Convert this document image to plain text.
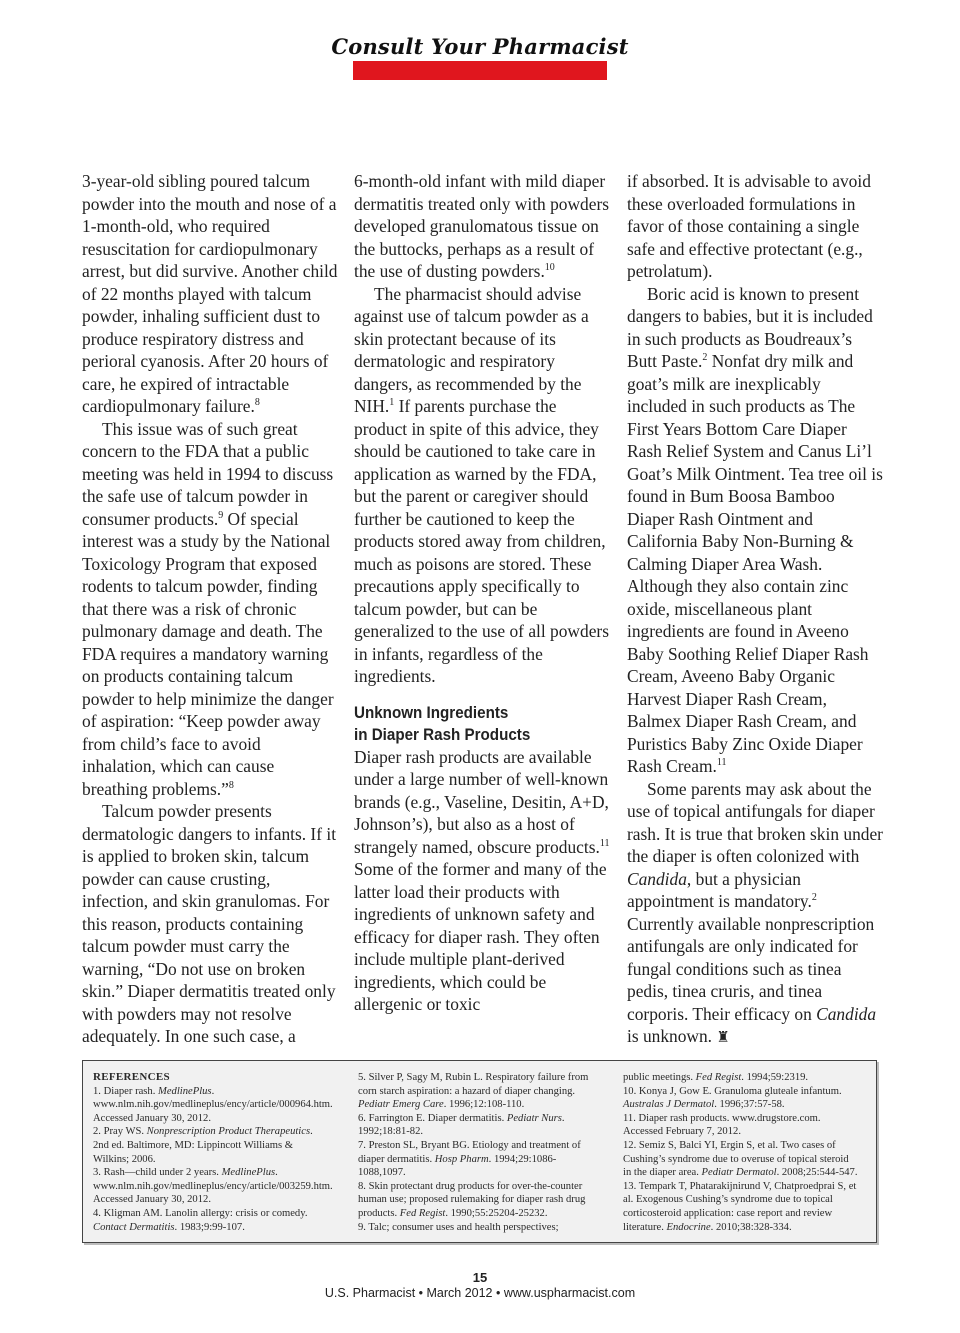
Consult Your Pharmacist

3-year-old sibling poured talcum powder into the mouth and nose of a 1-month-old, who required resuscitation for cardiopulmonary arrest, but did survive. Another child of 22 months played with talcum powder, inhaling sufficient dust to produce respiratory distress and perioral cyanosis. After 20 hours of care, he expired of intractable cardiopulmonary failure.$^8$

This issue was of such great concern to the FDA that a public meeting was held in 1994 to discuss the safe use of talcum powder in consumer products.$^9$ Of special interest was a study by the National Toxicology Program that exposed rodents to talcum powder, finding that there was a risk of chronic pulmonary damage and death. The FDA requires a mandatory warning on products containing talcum powder to help minimize the danger of aspiration: “Keep powder away from child’s face to avoid inhalation, which can cause breathing problems.”$^8$

Talcum powder presents dermatologic dangers to infants. If it is applied to broken skin, talcum powder can cause crusting, infection, and skin granulomas. For this reason, products containing talcum powder must carry the warning, “Do not use on broken skin.” Diaper dermatitis treated only with powders may not resolve adequately. In one such case, a

6-month-old infant with mild diaper dermatitis treated only with powders developed granulomatous tissue on the buttocks, perhaps as a result of the use of dusting powders.$^{10}$

The pharmacist should advise against use of talcum powder as a skin protectant because of its dermatologic and respiratory dangers, as recommended by the NIH.$^1$ If parents purchase the product in spite of this advice, they should be cautioned to take care in application as warned by the FDA, but the parent or caregiver should further be cautioned to keep the products stored away from children, much as poisons are stored. These precautions apply specifically to talcum powder, but can be generalized to the use of all powders in infants, regardless of the ingredients.

Unknown Ingredients
in Diaper Rash Products

Diaper rash products are available under a large number of well-known brands (e.g., Vaseline, Desitin, A+D, Johnson’s), but also as a host of strangely named, obscure products.$^{11}$ Some of the former and many of the latter load their products with ingredients of unknown safety and efficacy for diaper rash. They often include multiple plant-derived ingredients, which could be allergenic or toxic

if absorbed. It is advisable to avoid these overloaded formulations in favor of those containing a single safe and effective protectant (e.g., petrolatum).

Boric acid is known to present dangers to babies, but it is included in such products as Boudreaux’s Butt Paste.$^2$ Nonfat dry milk and goat’s milk are inexplicably included in such products as The First Years Bottom Care Diaper Rash Relief System and Canus Li’l Goat’s Milk Ointment. Tea tree oil is found in Bum Boosa Bamboo Diaper Rash Ointment and California Baby Non-Burning & Calming Diaper Area Wash. Although they also contain zinc oxide, miscellaneous plant ingredients are found in Aveeno Baby Soothing Relief Diaper Rash Cream, Aveeno Baby Organic Harvest Diaper Rash Cream, Balmex Diaper Rash Cream, and Puristics Baby Zinc Oxide Diaper Rash Cream.$^{11}$

Some parents may ask about the use of topical antifungals for diaper rash. It is true that broken skin under the diaper is often colonized with Candida, but a physician appointment is mandatory.$^2$ Currently available nonprescription antifungals are only indicated for fungal conditions such as tinea pedis, tinea cruris, and tinea corporis. Their efficacy on Candida is unknown. ♜

REFERENCES

1. Diaper rash. MedlinePlus. www.nlm.nih.gov/medlineplus/ency/article/000964.htm. Accessed January 30, 2012.

2. Pray WS. Nonprescription Product Therapeutics. 2nd ed. Baltimore, MD: Lippincott Williams & Wilkins; 2006.

3. Rash—child under 2 years. MedlinePlus. www.nlm.nih.gov/medlineplus/ency/article/003259.htm. Accessed January 30, 2012.

4. Kligman AM. Lanolin allergy: crisis or comedy. Contact Dermatitis. 1983;9:99-107.

5. Silver P, Sagy M, Rubin L. Respiratory failure from corn starch aspiration: a hazard of diaper changing. Pediatr Emerg Care. 1996;12:108-110.

6. Farrington E. Diaper dermatitis. Pediatr Nurs. 1992;18:81-82.

7. Preston SL, Bryant BG. Etiology and treatment of diaper dermatitis. Hosp Pharm. 1994;29:1086-1088,1097.

8. Skin protectant drug products for over-the-counter human use; proposed rulemaking for diaper rash drug products. Fed Regist. 1990;55:25204-25232.

9. Talc; consumer uses and health perspectives;

public meetings. Fed Regist. 1994;59:2319.

10. Konya J, Gow E. Granuloma gluteale infantum. Australas J Dermatol. 1996;37:57-58.

11. Diaper rash products. www.drugstore.com. Accessed February 7, 2012.

12. Semiz S, Balci YI, Ergin S, et al. Two cases of Cushing’s syndrome due to overuse of topical steroid in the diaper area. Pediatr Dermatol. 2008;25:544-547.

13. Tempark T, Phatarakijnirund V, Chatproedprai S, et al. Exogenous Cushing’s syndrome due to topical corticosteroid application: case report and review literature. Endocrine. 2010;38:328-334.

15
U.S. Pharmacist • March 2012 • www.uspharmacist.com
